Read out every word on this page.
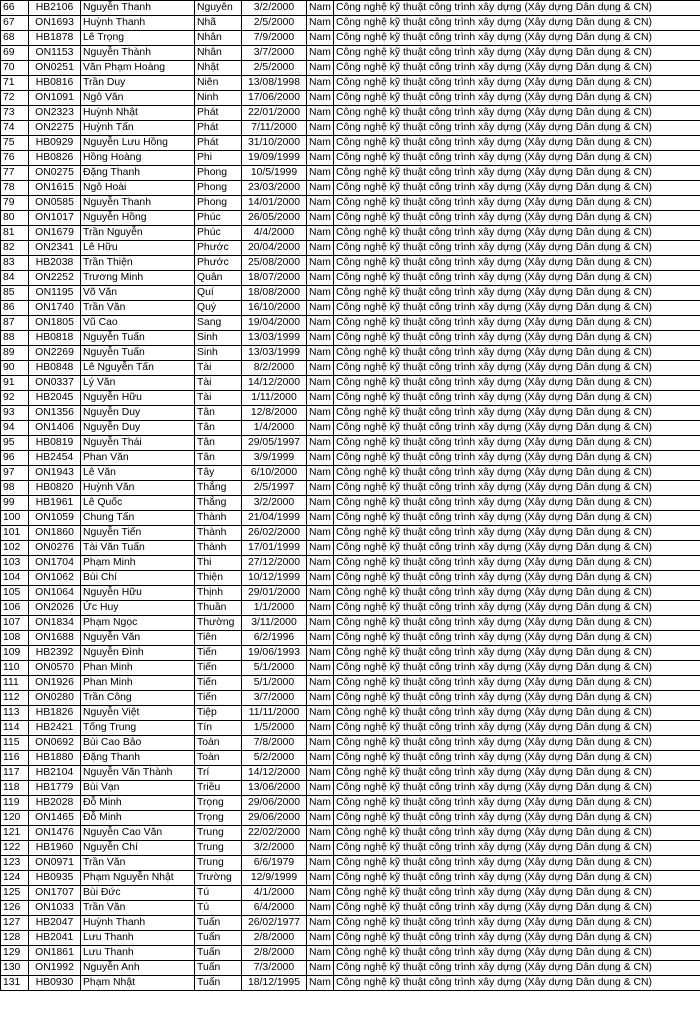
66	HB2106	Nguyễn Thanh	Nguyên	3/2/2000	Nam	Công nghệ kỹ thuật công trình xây dựng (Xây dựng Dân dụng & CN)
67	ON1693	Huỳnh Thanh	Nhã	2/5/2000	Nam	Công nghệ kỹ thuật công trình xây dựng (Xây dựng Dân dụng & CN)
68	HB1878	Lê Trọng	Nhân	7/9/2000	Nam	Công nghệ kỹ thuật công trình xây dựng (Xây dựng Dân dụng & CN)
69	ON1153	Nguyễn Thành	Nhân	3/7/2000	Nam	Công nghệ kỹ thuật công trình xây dựng (Xây dựng Dân dụng & CN)
70	ON0251	Văn Phạm Hoàng	Nhật	2/5/2000	Nam	Công nghệ kỹ thuật công trình xây dựng (Xây dựng Dân dụng & CN)
71	HB0816	Trần Duy	Niên	13/08/1998	Nam	Công nghệ kỹ thuật công trình xây dựng (Xây dựng Dân dụng & CN)
72	ON1091	Ngô Văn	Ninh	17/06/2000	Nam	Công nghệ kỹ thuật công trình xây dựng (Xây dựng Dân dụng & CN)
73	ON2323	Huỳnh Nhật	Phát	22/01/2000	Nam	Công nghệ kỹ thuật công trình xây dựng (Xây dựng Dân dụng & CN)
74	ON2275	Huỳnh Tấn	Phát	7/11/2000	Nam	Công nghệ kỹ thuật công trình xây dựng (Xây dựng Dân dụng & CN)
75	HB0929	Nguyễn Lưu Hồng	Phát	31/10/2000	Nam	Công nghệ kỹ thuật công trình xây dựng (Xây dựng Dân dụng & CN)
76	HB0826	Hồng Hoàng	Phi	19/09/1999	Nam	Công nghệ kỹ thuật công trình xây dựng (Xây dựng Dân dụng & CN)
77	ON0275	Đặng Thanh	Phong	10/5/1999	Nam	Công nghệ kỹ thuật công trình xây dựng (Xây dựng Dân dụng & CN)
78	ON1615	Ngô Hoài	Phong	23/03/2000	Nam	Công nghệ kỹ thuật công trình xây dựng (Xây dựng Dân dụng & CN)
79	ON0585	Nguyễn Thanh	Phong	14/01/2000	Nam	Công nghệ kỹ thuật công trình xây dựng (Xây dựng Dân dụng & CN)
80	ON1017	Nguyễn Hồng	Phúc	26/05/2000	Nam	Công nghệ kỹ thuật công trình xây dựng (Xây dựng Dân dụng & CN)
81	ON1679	Trần Nguyễn	Phúc	4/4/2000	Nam	Công nghệ kỹ thuật công trình xây dựng (Xây dựng Dân dụng & CN)
82	ON2341	Lê Hữu	Phước	20/04/2000	Nam	Công nghệ kỹ thuật công trình xây dựng (Xây dựng Dân dụng & CN)
83	HB2038	Trần Thiện	Phước	25/08/2000	Nam	Công nghệ kỹ thuật công trình xây dựng (Xây dựng Dân dụng & CN)
84	ON2252	Trương Minh	Quân	18/07/2000	Nam	Công nghệ kỹ thuật công trình xây dựng (Xây dựng Dân dụng & CN)
85	ON1195	Võ Văn	Quí	18/08/2000	Nam	Công nghệ kỹ thuật công trình xây dựng (Xây dựng Dân dụng & CN)
86	ON1740	Trần Văn	Quý	16/10/2000	Nam	Công nghệ kỹ thuật công trình xây dựng (Xây dựng Dân dụng & CN)
87	ON1805	Vũ Cao	Sang	19/04/2000	Nam	Công nghệ kỹ thuật công trình xây dựng (Xây dựng Dân dụng & CN)
88	HB0818	Nguyễn Tuấn	Sinh	13/03/1999	Nam	Công nghệ kỹ thuật công trình xây dựng (Xây dựng Dân dụng & CN)
89	ON2269	Nguyễn Tuấn	Sinh	13/03/1999	Nam	Công nghệ kỹ thuật công trình xây dựng (Xây dựng Dân dụng & CN)
90	HB0848	Lê Nguyễn Tấn	Tài	8/2/2000	Nam	Công nghệ kỹ thuật công trình xây dựng (Xây dựng Dân dụng & CN)
91	ON0337	Lý Văn	Tài	14/12/2000	Nam	Công nghệ kỹ thuật công trình xây dựng (Xây dựng Dân dụng & CN)
92	HB2045	Nguyễn Hữu	Tài	1/11/2000	Nam	Công nghệ kỹ thuật công trình xây dựng (Xây dựng Dân dụng & CN)
93	ON1356	Nguyễn Duy	Tân	12/8/2000	Nam	Công nghệ kỹ thuật công trình xây dựng (Xây dựng Dân dụng & CN)
94	ON1406	Nguyễn Duy	Tân	1/4/2000	Nam	Công nghệ kỹ thuật công trình xây dựng (Xây dựng Dân dụng & CN)
95	HB0819	Nguyễn Thái	Tân	29/05/1997	Nam	Công nghệ kỹ thuật công trình xây dựng (Xây dựng Dân dụng & CN)
96	HB2454	Phan Văn	Tân	3/9/1999	Nam	Công nghệ kỹ thuật công trình xây dựng (Xây dựng Dân dụng & CN)
97	ON1943	Lê Văn	Tây	6/10/2000	Nam	Công nghệ kỹ thuật công trình xây dựng (Xây dựng Dân dụng & CN)
98	HB0820	Huỳnh Văn	Thắng	2/5/1997	Nam	Công nghệ kỹ thuật công trình xây dựng (Xây dựng Dân dụng & CN)
99	HB1961	Lê Quốc	Thắng	3/2/2000	Nam	Công nghệ kỹ thuật công trình xây dựng (Xây dựng Dân dụng & CN)
100	ON1059	Chung Tấn	Thành	21/04/1999	Nam	Công nghệ kỹ thuật công trình xây dựng (Xây dựng Dân dụng & CN)
101	ON1860	Nguyễn Tiến	Thành	26/02/2000	Nam	Công nghệ kỹ thuật công trình xây dựng (Xây dựng Dân dụng & CN)
102	ON0276	Tài Văn Tuấn	Thành	17/01/1999	Nam	Công nghệ kỹ thuật công trình xây dựng (Xây dựng Dân dụng & CN)
103	ON1704	Phạm Minh	Thi	27/12/2000	Nam	Công nghệ kỹ thuật công trình xây dựng (Xây dựng Dân dụng & CN)
104	ON1062	Bùi Chí	Thiện	10/12/1999	Nam	Công nghệ kỹ thuật công trình xây dựng (Xây dựng Dân dụng & CN)
105	ON1064	Nguyễn Hữu	Thịnh	29/01/2000	Nam	Công nghệ kỹ thuật công trình xây dựng (Xây dựng Dân dụng & CN)
106	ON2026	Ức Huy	Thuần	1/1/2000	Nam	Công nghệ kỹ thuật công trình xây dựng (Xây dựng Dân dụng & CN)
107	ON1834	Phạm Ngọc	Thường	3/11/2000	Nam	Công nghệ kỹ thuật công trình xây dựng (Xây dựng Dân dụng & CN)
108	ON1688	Nguyễn Văn	Tiên	6/2/1996	Nam	Công nghệ kỹ thuật công trình xây dựng (Xây dựng Dân dụng & CN)
109	HB2392	Nguyễn Đình	Tiến	19/06/1993	Nam	Công nghệ kỹ thuật công trình xây dựng (Xây dựng Dân dụng & CN)
110	ON0570	Phan Minh	Tiến	5/1/2000	Nam	Công nghệ kỹ thuật công trình xây dựng (Xây dựng Dân dụng & CN)
111	ON1926	Phan Minh	Tiến	5/1/2000	Nam	Công nghệ kỹ thuật công trình xây dựng (Xây dựng Dân dụng & CN)
112	ON0280	Trần Công	Tiến	3/7/2000	Nam	Công nghệ kỹ thuật công trình xây dựng (Xây dựng Dân dụng & CN)
113	HB1826	Nguyễn Việt	Tiệp	11/11/2000	Nam	Công nghệ kỹ thuật công trình xây dựng (Xây dựng Dân dụng & CN)
114	HB2421	Tống Trung	Tín	1/5/2000	Nam	Công nghệ kỹ thuật công trình xây dựng (Xây dựng Dân dụng & CN)
115	ON0692	Bùi Cao Bảo	Toàn	7/8/2000	Nam	Công nghệ kỹ thuật công trình xây dựng (Xây dựng Dân dụng & CN)
116	HB1880	Đặng Thanh	Toàn	5/2/2000	Nam	Công nghệ kỹ thuật công trình xây dựng (Xây dựng Dân dụng & CN)
117	HB2104	Nguyễn Văn Thành	Trí	14/12/2000	Nam	Công nghệ kỹ thuật công trình xây dựng (Xây dựng Dân dụng & CN)
118	HB1779	Bùi Vạn	Triều	13/06/2000	Nam	Công nghệ kỹ thuật công trình xây dựng (Xây dựng Dân dụng & CN)
119	HB2028	Đỗ Minh	Trọng	29/06/2000	Nam	Công nghệ kỹ thuật công trình xây dựng (Xây dựng Dân dụng & CN)
120	ON1465	Đỗ Minh	Trọng	29/06/2000	Nam	Công nghệ kỹ thuật công trình xây dựng (Xây dựng Dân dụng & CN)
121	ON1476	Nguyễn Cao Văn	Trung	22/02/2000	Nam	Công nghệ kỹ thuật công trình xây dựng (Xây dựng Dân dụng & CN)
122	HB1960	Nguyễn Chí	Trung	3/2/2000	Nam	Công nghệ kỹ thuật công trình xây dựng (Xây dựng Dân dụng & CN)
123	ON0971	Trần Văn	Trung	6/6/1979	Nam	Công nghệ kỹ thuật công trình xây dựng (Xây dựng Dân dụng & CN)
124	HB0935	Phạm Nguyễn Nhật	Trường	12/9/1999	Nam	Công nghệ kỹ thuật công trình xây dựng (Xây dựng Dân dụng & CN)
125	ON1707	Bùi Đức	Tú	4/1/2000	Nam	Công nghệ kỹ thuật công trình xây dựng (Xây dựng Dân dụng & CN)
126	ON1033	Trần Văn	Tú	6/4/2000	Nam	Công nghệ kỹ thuật công trình xây dựng (Xây dựng Dân dụng & CN)
127	HB2047	Huỳnh Thanh	Tuấn	26/02/1977	Nam	Công nghệ kỹ thuật công trình xây dựng (Xây dựng Dân dụng & CN)
128	HB2041	Lưu Thanh	Tuấn	2/8/2000	Nam	Công nghệ kỹ thuật công trình xây dựng (Xây dựng Dân dụng & CN)
129	ON1861	Lưu Thanh	Tuấn	2/8/2000	Nam	Công nghệ kỹ thuật công trình xây dựng (Xây dựng Dân dụng & CN)
130	ON1992	Nguyễn Anh	Tuấn	7/3/2000	Nam	Công nghệ kỹ thuật công trình xây dựng (Xây dựng Dân dụng & CN)
131	HB0930	Phạm Nhật	Tuấn	18/12/1995	Nam	Công nghệ kỹ thuật công trình xây dựng (Xây dựng Dân dụng & CN)
